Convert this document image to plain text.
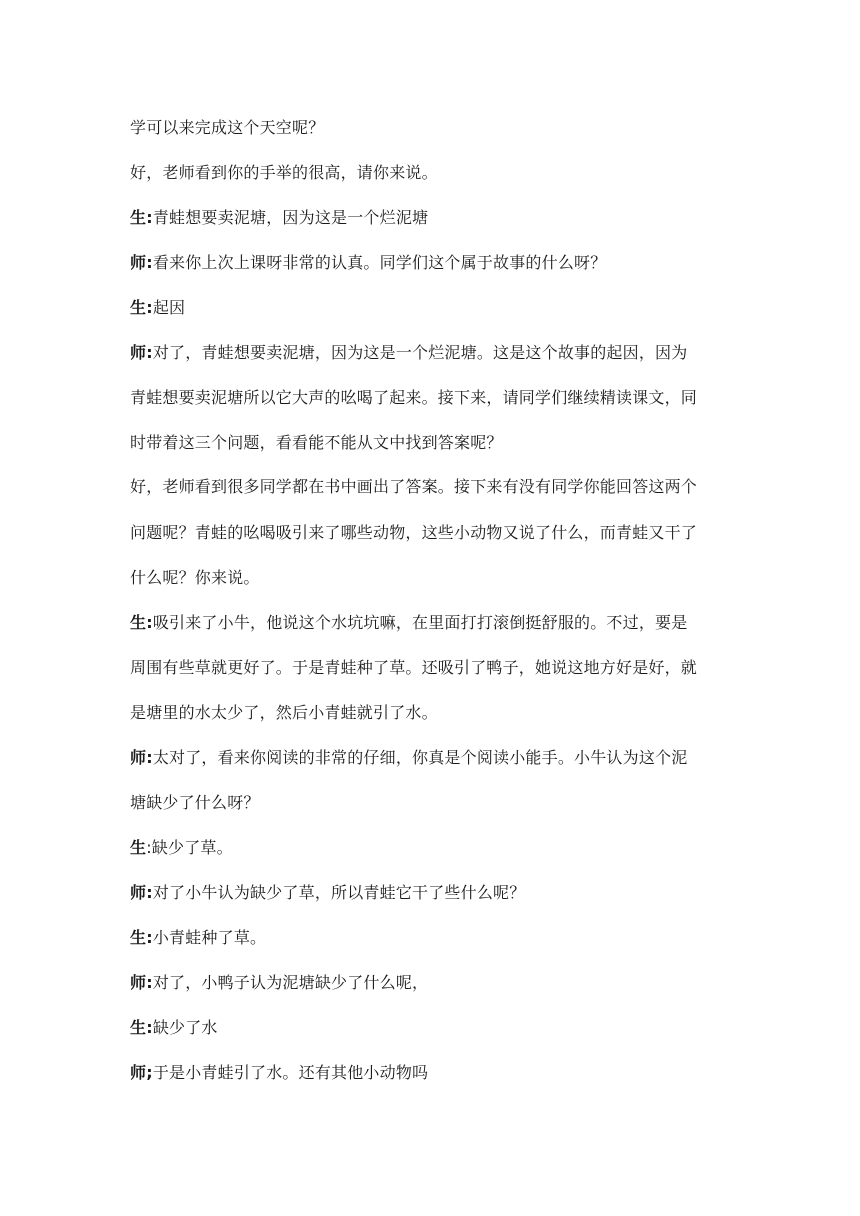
学可以来完成这个天空呢？
好，老师看到你的手举的很高，请你来说。
生:青蛙想要卖泥塘，因为这是一个烂泥塘
师:看来你上次上课呀非常的认真。同学们这个属于故事的什么呀？
生:起因
师:对了，青蛙想要卖泥塘，因为这是一个烂泥塘。这是这个故事的起因，因为
青蛙想要卖泥塘所以它大声的吆喝了起来。接下来，请同学们继续精读课文，同
时带着这三个问题，看看能不能从文中找到答案呢？
好，老师看到很多同学都在书中画出了答案。接下来有没有同学你能回答这两个
问题呢？青蛙的吆喝吸引来了哪些动物，这些小动物又说了什么，而青蛙又干了
什么呢？你来说。
生:吸引来了小牛，他说这个水坑坑嘛，在里面打打滚倒挺舒服的。不过，要是
周围有些草就更好了。于是青蛙种了草。还吸引了鸭子，她说这地方好是好，就
是塘里的水太少了，然后小青蛙就引了水。
师:太对了，看来你阅读的非常的仔细，你真是个阅读小能手。小牛认为这个泥
塘缺少了什么呀？
生:缺少了草。
师:对了小牛认为缺少了草，所以青蛙它干了些什么呢？
生:小青蛙种了草。
师:对了，小鸭子认为泥塘缺少了什么呢，
生:缺少了水
师;于是小青蛙引了水。还有其他小动物吗
